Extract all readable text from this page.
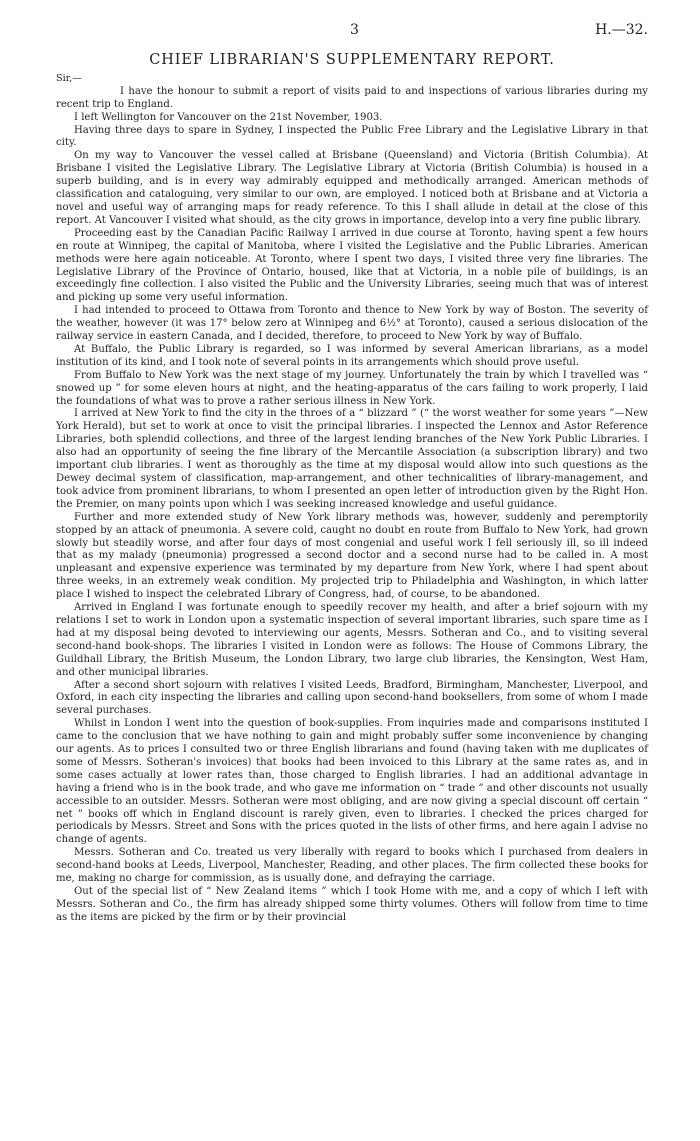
3	H.—32.
CHIEF LIBRARIAN'S SUPPLEMENTARY REPORT.

Sir,—

I have the honour to submit a report of visits paid to and inspections of various libraries during my recent trip to England.

I left Wellington for Vancouver on the 21st November, 1903.

Having three days to spare in Sydney, I inspected the Public Free Library and the Legislative Library in that city.

On my way to Vancouver the vessel called at Brisbane (Queensland) and Victoria (British Columbia). At Brisbane I visited the Legislative Library. The Legislative Library at Victoria (British Columbia) is housed in a superb building, and is in every way admirably equipped and methodically arranged. American methods of classification and cataloguing, very similar to our own, are employed. I noticed both at Brisbane and at Victoria a novel and useful way of arranging maps for ready reference. To this I shall allude in detail at the close of this report. At Vancouver I visited what should, as the city grows in importance, develop into a very fine public library.

Proceeding east by the Canadian Pacific Railway I arrived in due course at Toronto, having spent a few hours en route at Winnipeg, the capital of Manitoba, where I visited the Legislative and the Public Libraries. American methods were here again noticeable. At Toronto, where I spent two days, I visited three very fine libraries. The Legislative Library of the Province of Ontario, housed, like that at Victoria, in a noble pile of buildings, is an exceedingly fine collection. I also visited the Public and the University Libraries, seeing much that was of interest and picking up some very useful information.

I had intended to proceed to Ottawa from Toronto and thence to New York by way of Boston. The severity of the weather, however (it was 17° below zero at Winnipeg and 6½° at Toronto), caused a serious dislocation of the railway service in eastern Canada, and I decided, therefore, to proceed to New York by way of Buffalo.

At Buffalo, the Public Library is regarded, so I was informed by several American librarians, as a model institution of its kind, and I took note of several points in its arrangements which should prove useful.

From Buffalo to New York was the next stage of my journey. Unfortunately the train by which I travelled was “ snowed up ” for some eleven hours at night, and the heating-apparatus of the cars failing to work properly, I laid the foundations of what was to prove a rather serious illness in New York.

I arrived at New York to find the city in the throes of a “ blizzard ” (“ the worst weather for some years ”—New York Herald), but set to work at once to visit the principal libraries. I inspected the Lennox and Astor Reference Libraries, both splendid collections, and three of the largest lending branches of the New York Public Libraries. I also had an opportunity of seeing the fine library of the Mercantile Association (a subscription library) and two important club libraries. I went as thoroughly as the time at my disposal would allow into such questions as the Dewey decimal system of classification, map-arrangement, and other technicalities of library-management, and took advice from prominent librarians, to whom I presented an open letter of introduction given by the Right Hon. the Premier, on many points upon which I was seeking increased knowledge and useful guidance.

Further and more extended study of New York library methods was, however, suddenly and peremptorily stopped by an attack of pneumonia. A severe cold, caught no doubt en route from Buffalo to New York, had grown slowly but steadily worse, and after four days of most congenial and useful work I fell seriously ill, so ill indeed that as my malady (pneumonia) progressed a second doctor and a second nurse had to be called in. A most unpleasant and expensive experience was terminated by my departure from New York, where I had spent about three weeks, in an extremely weak condition. My projected trip to Philadelphia and Washington, in which latter place I wished to inspect the celebrated Library of Congress, had, of course, to be abandoned.

Arrived in England I was fortunate enough to speedily recover my health, and after a brief sojourn with my relations I set to work in London upon a systematic inspection of several important libraries, such spare time as I had at my disposal being devoted to interviewing our agents, Messrs. Sotheran and Co., and to visiting several second-hand book-shops. The libraries I visited in London were as follows: The House of Commons Library, the Guildhall Library, the British Museum, the London Library, two large club libraries, the Kensington, West Ham, and other municipal libraries.

After a second short sojourn with relatives I visited Leeds, Bradford, Birmingham, Manchester, Liverpool, and Oxford, in each city inspecting the libraries and calling upon second-hand booksellers, from some of whom I made several purchases.

Whilst in London I went into the question of book-supplies. From inquiries made and comparisons instituted I came to the conclusion that we have nothing to gain and might probably suffer some inconvenience by changing our agents. As to prices I consulted two or three English librarians and found (having taken with me duplicates of some of Messrs. Sotheran's invoices) that books had been invoiced to this Library at the same rates as, and in some cases actually at lower rates than, those charged to English libraries. I had an additional advantage in having a friend who is in the book trade, and who gave me information on “ trade ” and other discounts not usually accessible to an outsider. Messrs. Sotheran were most obliging, and are now giving a special discount off certain “ net ” books off which in England discount is rarely given, even to libraries. I checked the prices charged for periodicals by Messrs. Street and Sons with the prices quoted in the lists of other firms, and here again I advise no change of agents.

Messrs. Sotheran and Co. treated us very liberally with regard to books which I purchased from dealers in second-hand books at Leeds, Liverpool, Manchester, Reading, and other places. The firm collected these books for me, making no charge for commission, as is usually done, and defraying the carriage.

Out of the special list of “ New Zealand items ” which I took Home with me, and a copy of which I left with Messrs. Sotheran and Co., the firm has already shipped some thirty volumes. Others will follow from time to time as the items are picked by the firm or by their provincial
